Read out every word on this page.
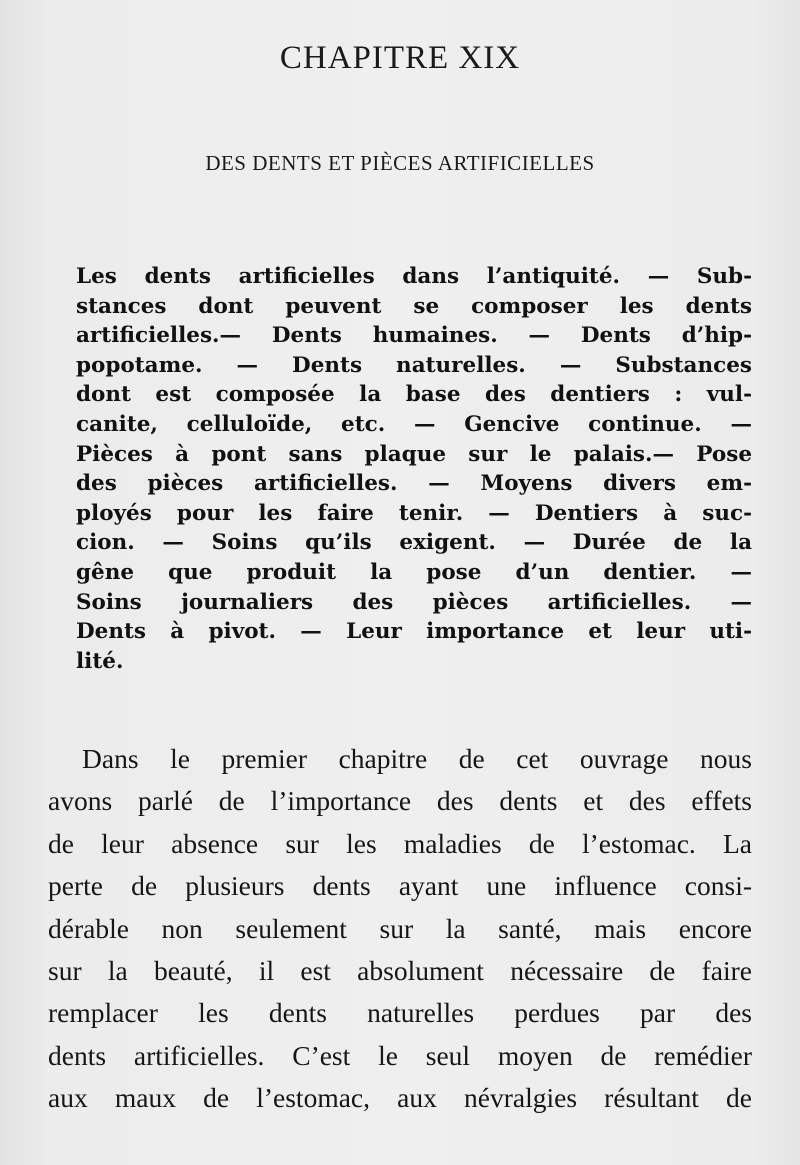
CHAPITRE XIX
DES DENTS ET PIÈCES ARTIFICIELLES
Les dents artificielles dans l’antiquité. — Sub-
stances dont peuvent se composer les dents
artificielles.— Dents humaines. — Dents d’hip-
popotame. — Dents naturelles. — Substances
dont est composée la base des dentiers : vul-
canite, celluloïde, etc. — Gencive continue. —
Pièces à pont sans plaque sur le palais.— Pose
des pièces artificielles. — Moyens divers em-
ployés pour les faire tenir. — Dentiers à suc-
cion. — Soins qu’ils exigent. — Durée de la
gêne que produit la pose d’un dentier. —
Soins journaliers des pièces artificielles. —
Dents à pivot. — Leur importance et leur uti-
lité.
Dans le premier chapitre de cet ouvrage nous
avons parlé de l’importance des dents et des effets
de leur absence sur les maladies de l’estomac. La
perte de plusieurs dents ayant une influence consi-
dérable non seulement sur la santé, mais encore
sur la beauté, il est absolument nécessaire de faire
remplacer les dents naturelles perdues par des
dents artificielles. C’est le seul moyen de remédier
aux maux de l’estomac, aux névralgies résultant de
